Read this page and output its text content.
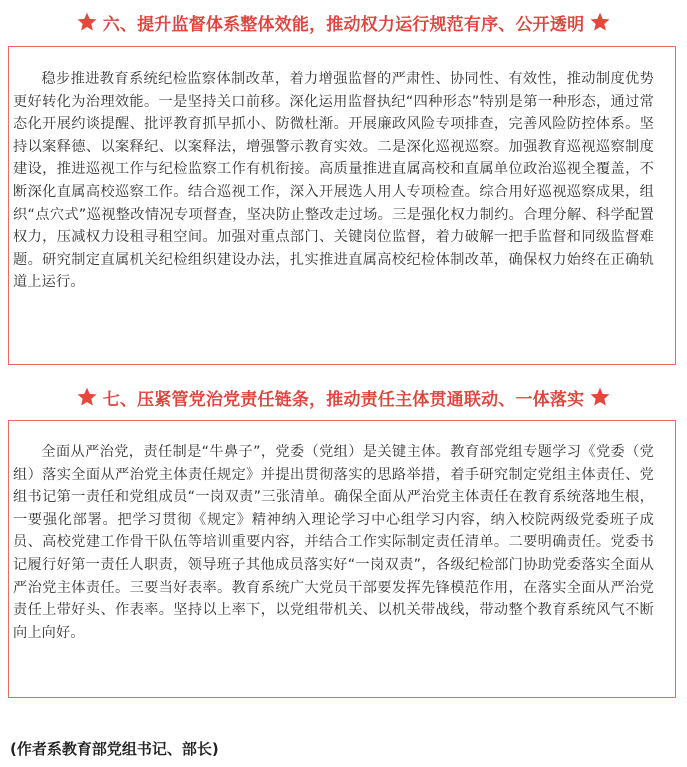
六、提升监督体系整体效能，推动权力运行规范有序、公开透明
稳步推进教育系统纪检监察体制改革，着力增强监督的严肃性、协同性、有效性，推动制度优势更好转化为治理效能。一是坚持关口前移。深化运用监督执纪“四种形态”特别是第一种形态，通过常态化开展约谈提醒、批评教育抓早抓小、防微杜渐。开展廉政风险专项排查，完善风险防控体系。坚持以案释德、以案释纪、以案释法，增强警示教育实效。二是深化巡视巡察。加强教育巡视巡察制度建设，推进巡视工作与纪检监察工作有机衔接。高质量推进直属高校和直属单位政治巡视全覆盖，不断深化直属高校巡察工作。结合巡视工作，深入开展选人用人专项检查。综合用好巡视巡察成果，组织“点穴式”巡视整改情况专项督查，坚决防止整改走过场。三是强化权力制约。合理分解、科学配置权力，压减权力设租寻租空间。加强对重点部门、关键岗位监督，着力破解一把手监督和同级监督难题。研究制定直属机关纪检组织建设办法，扎实推进直属高校纪检体制改革，确保权力始终在正确轨道上运行。
七、压紧管党治党责任链条，推动责任主体贯通联动、一体落实
全面从严治党，责任制是“牛鼻子”，党委（党组）是关键主体。教育部党组专题学习《党委（党组）落实全面从严治党主体责任规定》并提出贯彻落实的思路举措，着手研究制定党组主体责任、党组书记第一责任和党组成员“一岗双责”三张清单。确保全面从严治党主体责任在教育系统落地生根，一要强化部署。把学习贯彻《规定》精神纳入理论学习中心组学习内容，纳入校院两级党委班子成员、高校党建工作骨干队伍等培训重要内容，并结合工作实际制定责任清单。二要明确责任。党委书记履行好第一责任人职责，领导班子其他成员落实好“一岗双责”，各级纪检部门协助党委落实全面从严治党主体责任。三要当好表率。教育系统广大党员干部要发挥先锋模范作用，在落实全面从严治党责任上带好头、作表率。坚持以上率下，以党组带机关、以机关带战线，带动整个教育系统风气不断向上向好。
(作者系教育部党组书记、部长)
